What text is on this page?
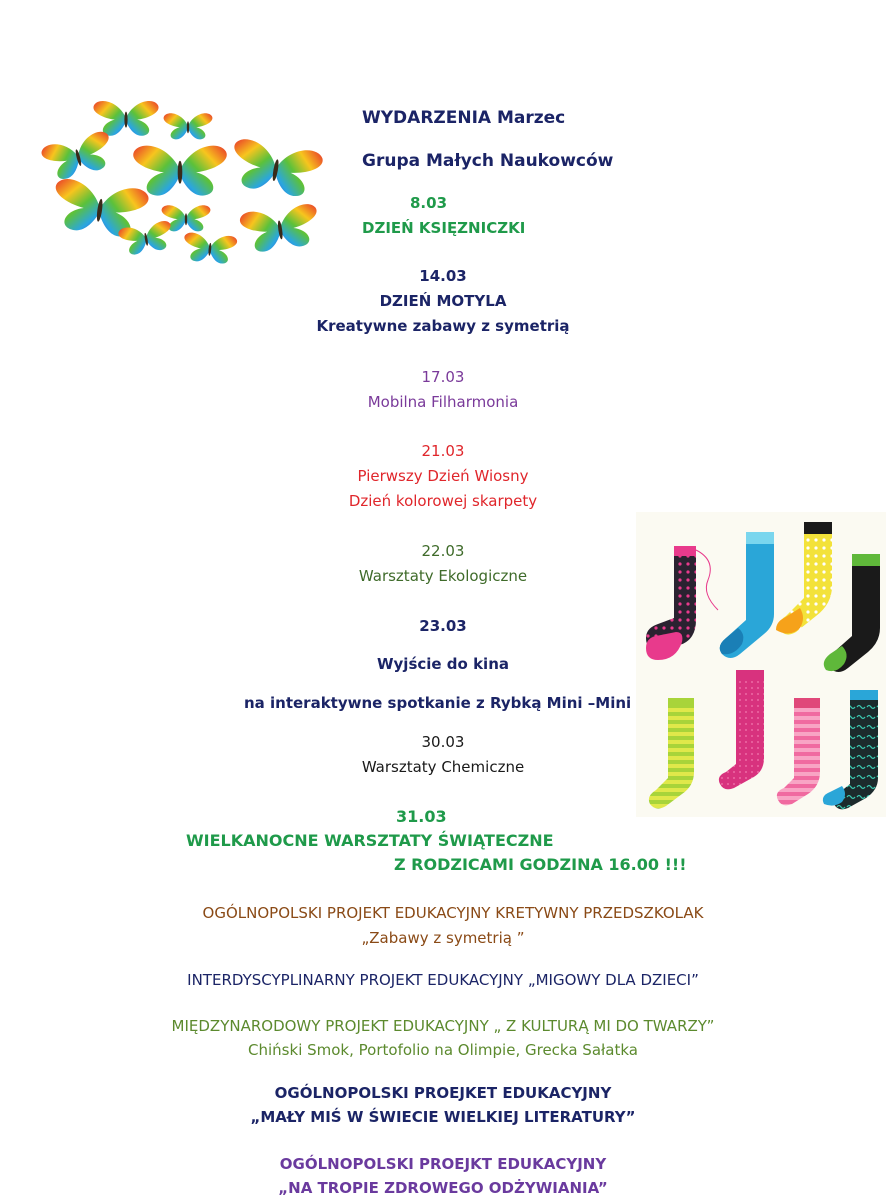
WYDARZENIA Marzec
Grupa Małych Naukowców
8.03
DZIEŃ KSIĘZNICZKI
14.03
DZIEŃ MOTYLA
Kreatywne zabawy z symetrią
17.03
Mobilna Filharmonia
21.03
Pierwszy Dzień Wiosny
Dzień kolorowej skarpety
22.03
Warsztaty Ekologiczne
23.03
Wyjście do kina
na interaktywne spotkanie z Rybką Mini –Mini
30.03
Warsztaty Chemiczne
31.03
WIELKANOCNE WARSZTATY ŚWIĄTECZNE
Z RODZICAMI GODZINA 16.00 !!!
OGÓLNOPOLSKI PROJEKT EDUKACYJNY KRETYWNY PRZEDSZKOLAK
„Zabawy z symetrią ”
INTERDYSCYPLINARNY PROJEKT EDUKACYJNY „MIGOWY DLA DZIECI”
MIĘDZYNARODOWY PROJEKT EDUKACYJNY „ Z KULTURĄ MI DO TWARZY”
Chiński Smok, Portofolio na Olimpie, Grecka Sałatka
OGÓLNOPOLSKI PROEJKET EDUKACYJNY
„MAŁY MIŚ W ŚWIECIE WIELKIEJ LITERATURY”
OGÓLNOPOLSKI PROEJKT EDUKACYJNY
„NA TROPIE ZDROWEGO ODŻYWIANIA”
